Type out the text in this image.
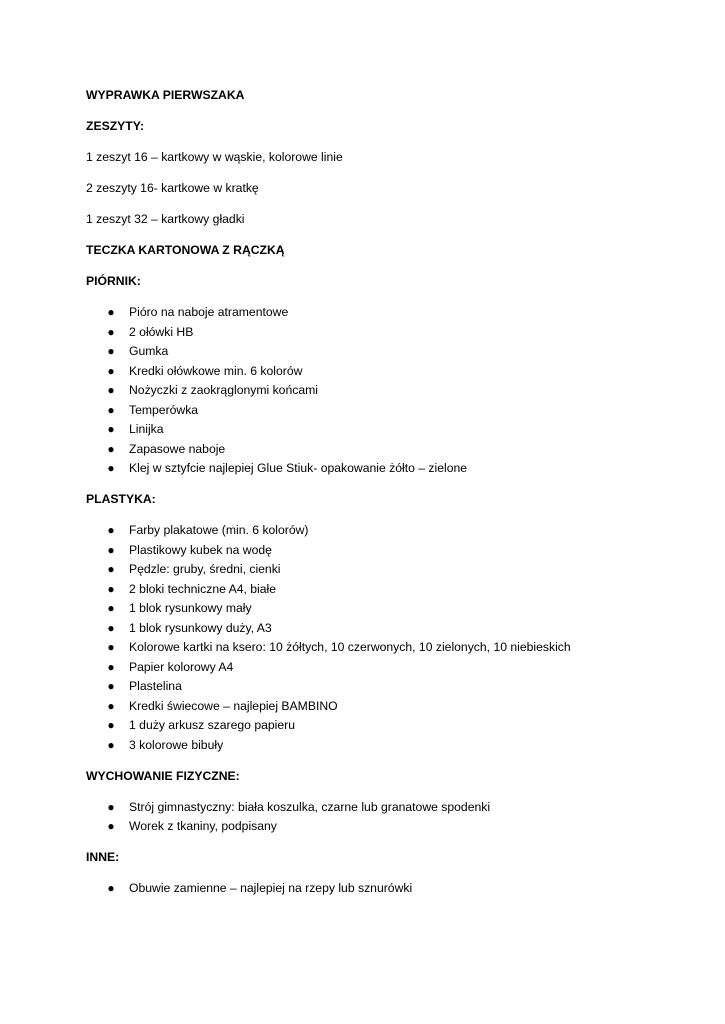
WYPRAWKA PIERWSZAKA
ZESZYTY:
1 zeszyt 16 – kartkowy w wąskie, kolorowe linie
2 zeszyty 16- kartkowe w kratkę
1 zeszyt 32 – kartkowy gładki
TECZKA KARTONOWA Z RĄCZKĄ
PIÓRNIK:
● Pióro na naboje atramentowe
● 2 ołówki HB
● Gumka
● Kredki ołówkowe min. 6 kolorów
● Nożyczki z zaokrąglonymi końcami
● Temperówka
● Linijka
● Zapasowe naboje
● Klej w sztyfcie najlepiej Glue Stiuk- opakowanie żółto – zielone
PLASTYKA:
● Farby plakatowe (min. 6 kolorów)
● Plastikowy kubek na wodę
● Pędzle: gruby, średni, cienki
● 2 bloki techniczne A4, białe
● 1 blok rysunkowy mały
● 1 blok rysunkowy duży, A3
● Kolorowe kartki na ksero: 10 żółtych, 10 czerwonych, 10 zielonych, 10 niebieskich
● Papier kolorowy A4
● Plastelina
● Kredki świecowe – najlepiej BAMBINO
● 1 duży arkusz szarego papieru
● 3 kolorowe bibuły
WYCHOWANIE FIZYCZNE:
● Strój gimnastyczny: biała koszulka, czarne lub granatowe spodenki
● Worek z tkaniny, podpisany
INNE:
● Obuwie zamienne – najlepiej na rzepy lub sznurówki
